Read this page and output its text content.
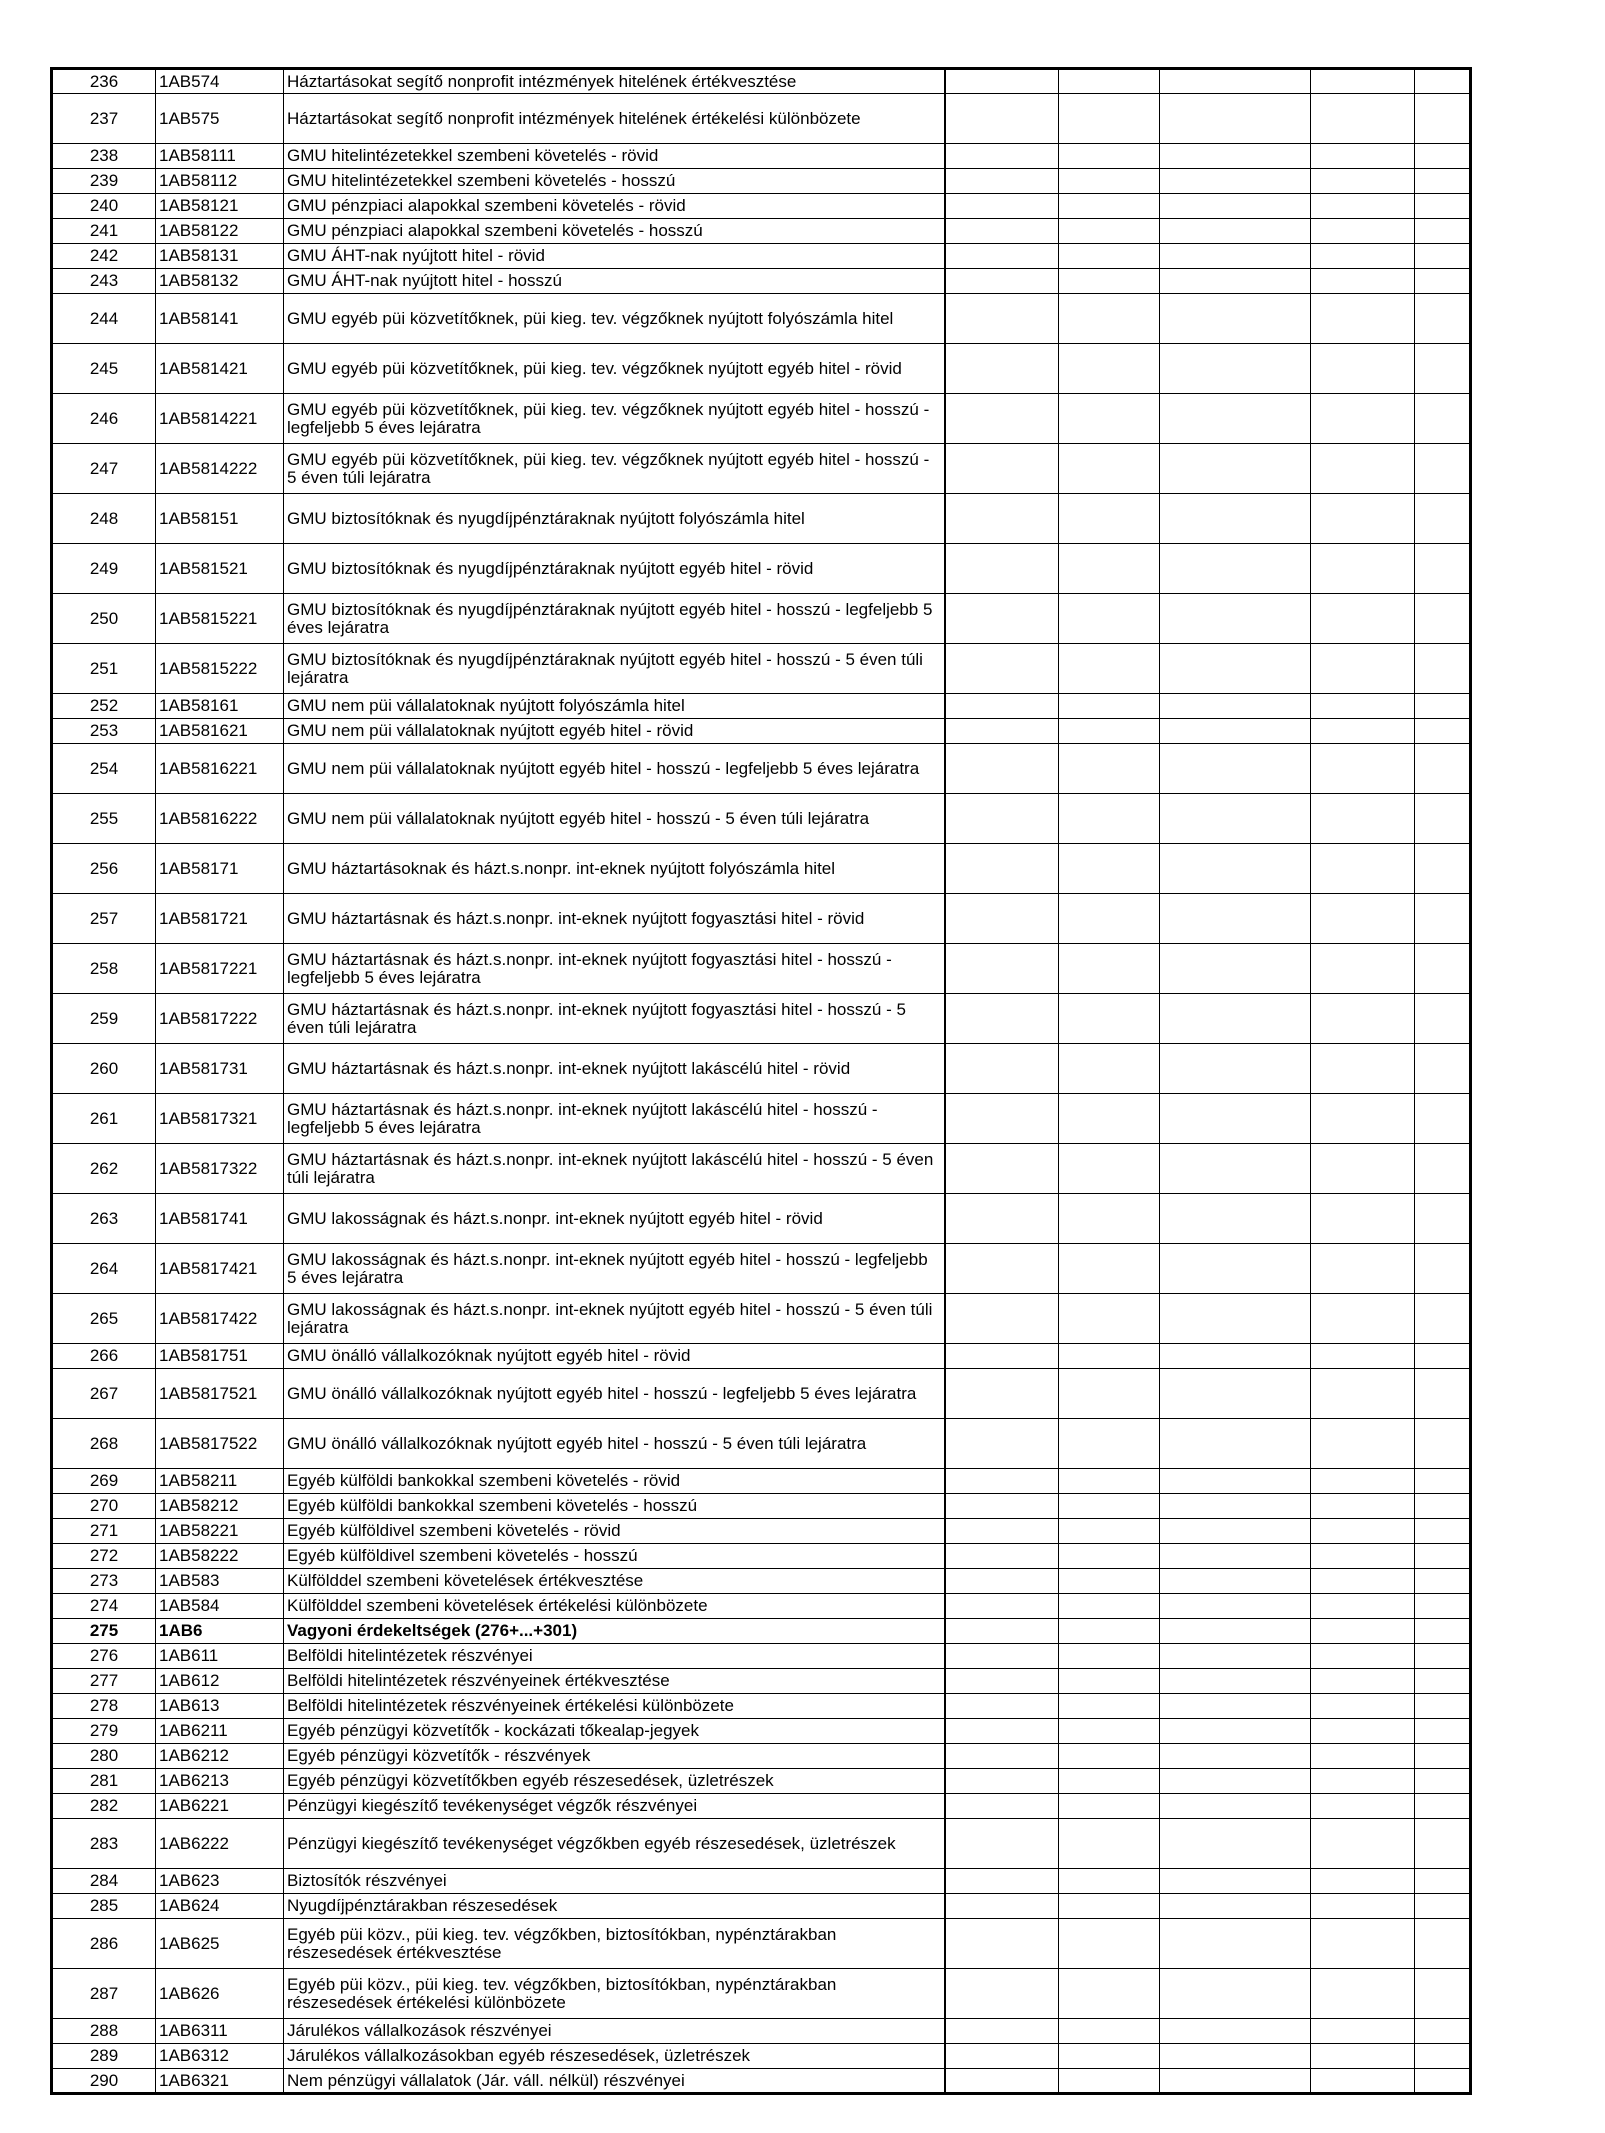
236	1AB574	Háztartásokat segítő nonprofit intézmények hitelének értékvesztése					
237	1AB575	Háztartásokat segítő nonprofit intézmények hitelének értékelési különbözete					
238	1AB58111	GMU hitelintézetekkel szembeni követelés - rövid					
239	1AB58112	GMU hitelintézetekkel szembeni követelés - hosszú					
240	1AB58121	GMU pénzpiaci alapokkal szembeni követelés - rövid					
241	1AB58122	GMU pénzpiaci alapokkal szembeni követelés - hosszú					
242	1AB58131	GMU ÁHT-nak nyújtott hitel - rövid					
243	1AB58132	GMU ÁHT-nak nyújtott hitel - hosszú					
244	1AB58141	GMU egyéb püi közvetítőknek, püi kieg. tev. végzőknek nyújtott folyószámla hitel					
245	1AB581421	GMU egyéb püi közvetítőknek, püi kieg. tev. végzőknek nyújtott egyéb hitel - rövid					
246	1AB5814221	GMU egyéb püi közvetítőknek, püi kieg. tev. végzőknek nyújtott egyéb hitel - hosszú - legfeljebb 5 éves lejáratra					
247	1AB5814222	GMU egyéb püi közvetítőknek, püi kieg. tev. végzőknek nyújtott egyéb hitel - hosszú - 5 éven túli lejáratra					
248	1AB58151	GMU biztosítóknak és nyugdíjpénztáraknak nyújtott folyószámla hitel					
249	1AB581521	GMU biztosítóknak és nyugdíjpénztáraknak nyújtott egyéb hitel - rövid					
250	1AB5815221	GMU biztosítóknak és nyugdíjpénztáraknak nyújtott egyéb hitel - hosszú - legfeljebb 5 éves lejáratra					
251	1AB5815222	GMU biztosítóknak és nyugdíjpénztáraknak nyújtott egyéb hitel - hosszú - 5 éven túli lejáratra					
252	1AB58161	GMU nem püi vállalatoknak nyújtott folyószámla hitel					
253	1AB581621	GMU nem püi vállalatoknak nyújtott egyéb hitel - rövid					
254	1AB5816221	GMU nem püi vállalatoknak nyújtott egyéb hitel - hosszú - legfeljebb 5 éves lejáratra					
255	1AB5816222	GMU nem püi vállalatoknak nyújtott egyéb hitel - hosszú - 5 éven túli lejáratra					
256	1AB58171	GMU háztartásoknak és házt.s.nonpr. int-eknek nyújtott folyószámla hitel					
257	1AB581721	GMU háztartásnak és házt.s.nonpr. int-eknek nyújtott fogyasztási hitel - rövid					
258	1AB5817221	GMU háztartásnak és házt.s.nonpr. int-eknek nyújtott fogyasztási hitel - hosszú - legfeljebb 5 éves lejáratra					
259	1AB5817222	GMU háztartásnak és házt.s.nonpr. int-eknek nyújtott fogyasztási hitel - hosszú - 5 éven túli lejáratra					
260	1AB581731	GMU háztartásnak és házt.s.nonpr. int-eknek nyújtott lakáscélú hitel - rövid					
261	1AB5817321	GMU háztartásnak és házt.s.nonpr. int-eknek nyújtott lakáscélú hitel - hosszú - legfeljebb 5 éves lejáratra					
262	1AB5817322	GMU háztartásnak és házt.s.nonpr. int-eknek nyújtott lakáscélú hitel - hosszú - 5 éven túli lejáratra					
263	1AB581741	GMU lakosságnak és házt.s.nonpr. int-eknek nyújtott egyéb hitel - rövid					
264	1AB5817421	GMU lakosságnak és házt.s.nonpr. int-eknek nyújtott egyéb hitel - hosszú - legfeljebb 5 éves lejáratra					
265	1AB5817422	GMU lakosságnak és házt.s.nonpr. int-eknek nyújtott egyéb hitel - hosszú - 5 éven túli lejáratra					
266	1AB581751	GMU önálló vállalkozóknak nyújtott egyéb hitel - rövid					
267	1AB5817521	GMU önálló vállalkozóknak nyújtott egyéb hitel - hosszú - legfeljebb 5 éves lejáratra					
268	1AB5817522	GMU önálló vállalkozóknak nyújtott egyéb hitel - hosszú - 5 éven túli lejáratra					
269	1AB58211	Egyéb külföldi bankokkal szembeni követelés - rövid					
270	1AB58212	Egyéb külföldi bankokkal szembeni követelés - hosszú					
271	1AB58221	Egyéb külföldivel szembeni követelés - rövid					
272	1AB58222	Egyéb külföldivel szembeni követelés - hosszú					
273	1AB583	Külfölddel szembeni követelések értékvesztése					
274	1AB584	Külfölddel szembeni követelések értékelési különbözete					
275	1AB6	Vagyoni érdekeltségek (276+...+301)					
276	1AB611	Belföldi hitelintézetek részvényei					
277	1AB612	Belföldi hitelintézetek részvényeinek értékvesztése					
278	1AB613	Belföldi hitelintézetek részvényeinek értékelési különbözete					
279	1AB6211	Egyéb pénzügyi közvetítők - kockázati tőkealap-jegyek					
280	1AB6212	Egyéb pénzügyi közvetítők - részvények					
281	1AB6213	Egyéb pénzügyi közvetítőkben egyéb részesedések, üzletrészek					
282	1AB6221	Pénzügyi kiegészítő tevékenységet végzők részvényei					
283	1AB6222	Pénzügyi kiegészítő tevékenységet végzőkben egyéb részesedések, üzletrészek					
284	1AB623	Biztosítók részvényei					
285	1AB624	Nyugdíjpénztárakban részesedések					
286	1AB625	Egyéb püi közv., püi kieg. tev. végzőkben, biztosítókban, nypénztárakban részesedések értékvesztése					
287	1AB626	Egyéb püi közv., püi kieg. tev. végzőkben, biztosítókban, nypénztárakban részesedések értékelési különbözete					
288	1AB6311	Járulékos vállalkozások részvényei					
289	1AB6312	Járulékos vállalkozásokban egyéb részesedések, üzletrészek					
290	1AB6321	Nem pénzügyi vállalatok (Jár. váll. nélkül) részvényei					
